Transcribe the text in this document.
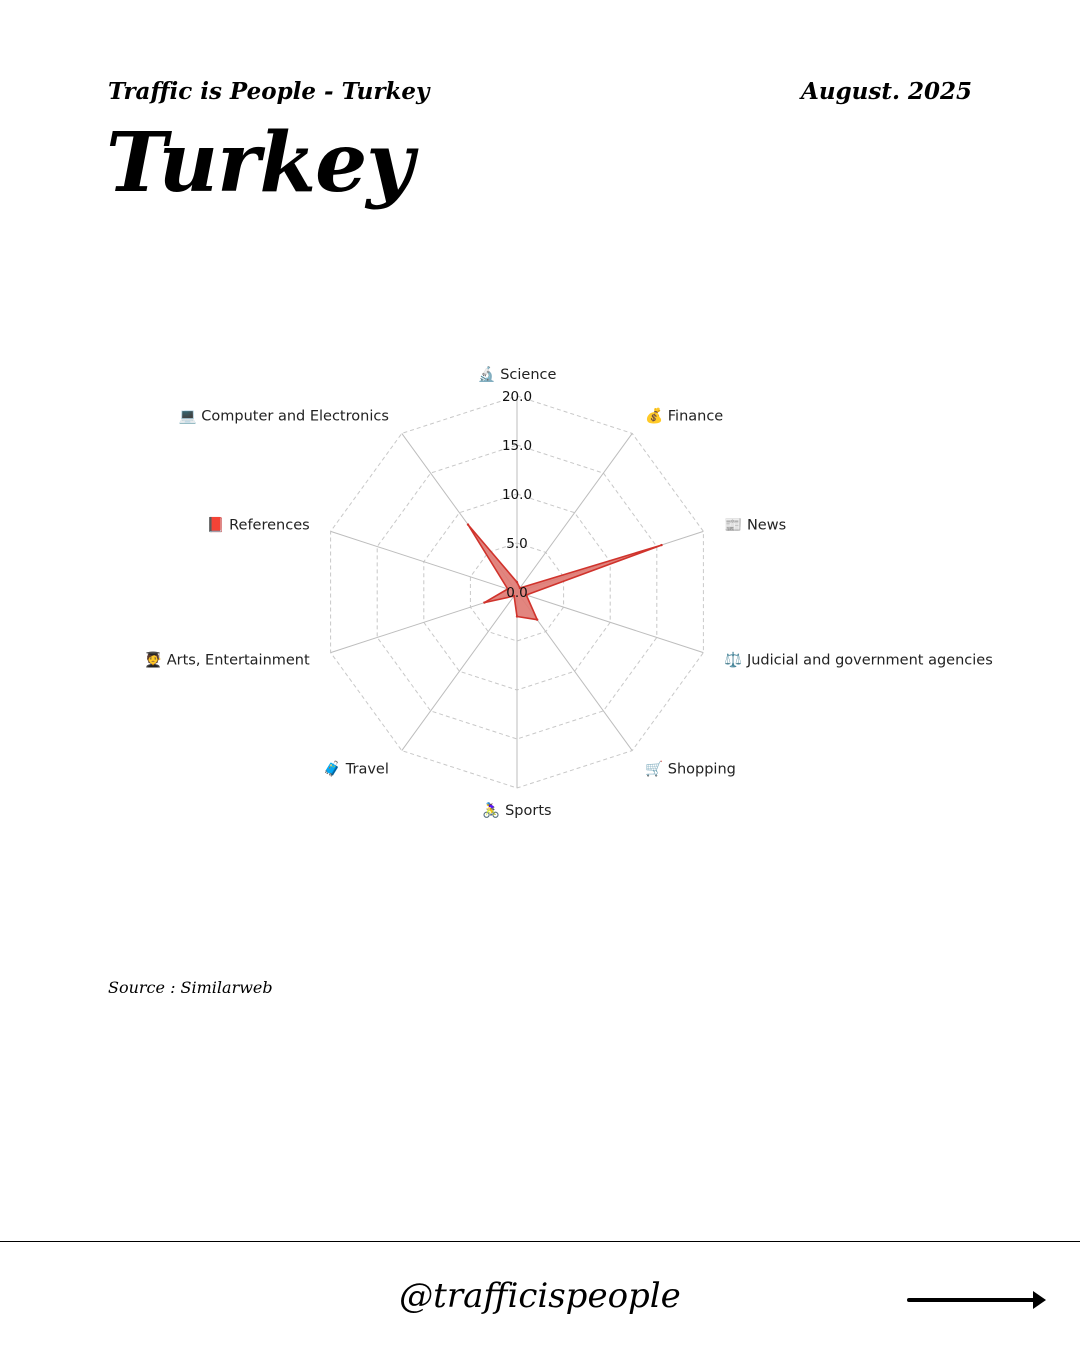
Traffic is People - Turkey	August. 2025
Turkey
0.0
5.0
10.0
15.0
20.0
🔬 Science
💰 Finance
📰 News
⚖️ Judicial and government agencies
🛒 Shopping
🚴‍♀️ Sports
🧳 Travel
🧑‍🎓 Arts, Entertainment
📕 References
💻 Computer and Electronics
Source : Similarweb
@trafficispeople
